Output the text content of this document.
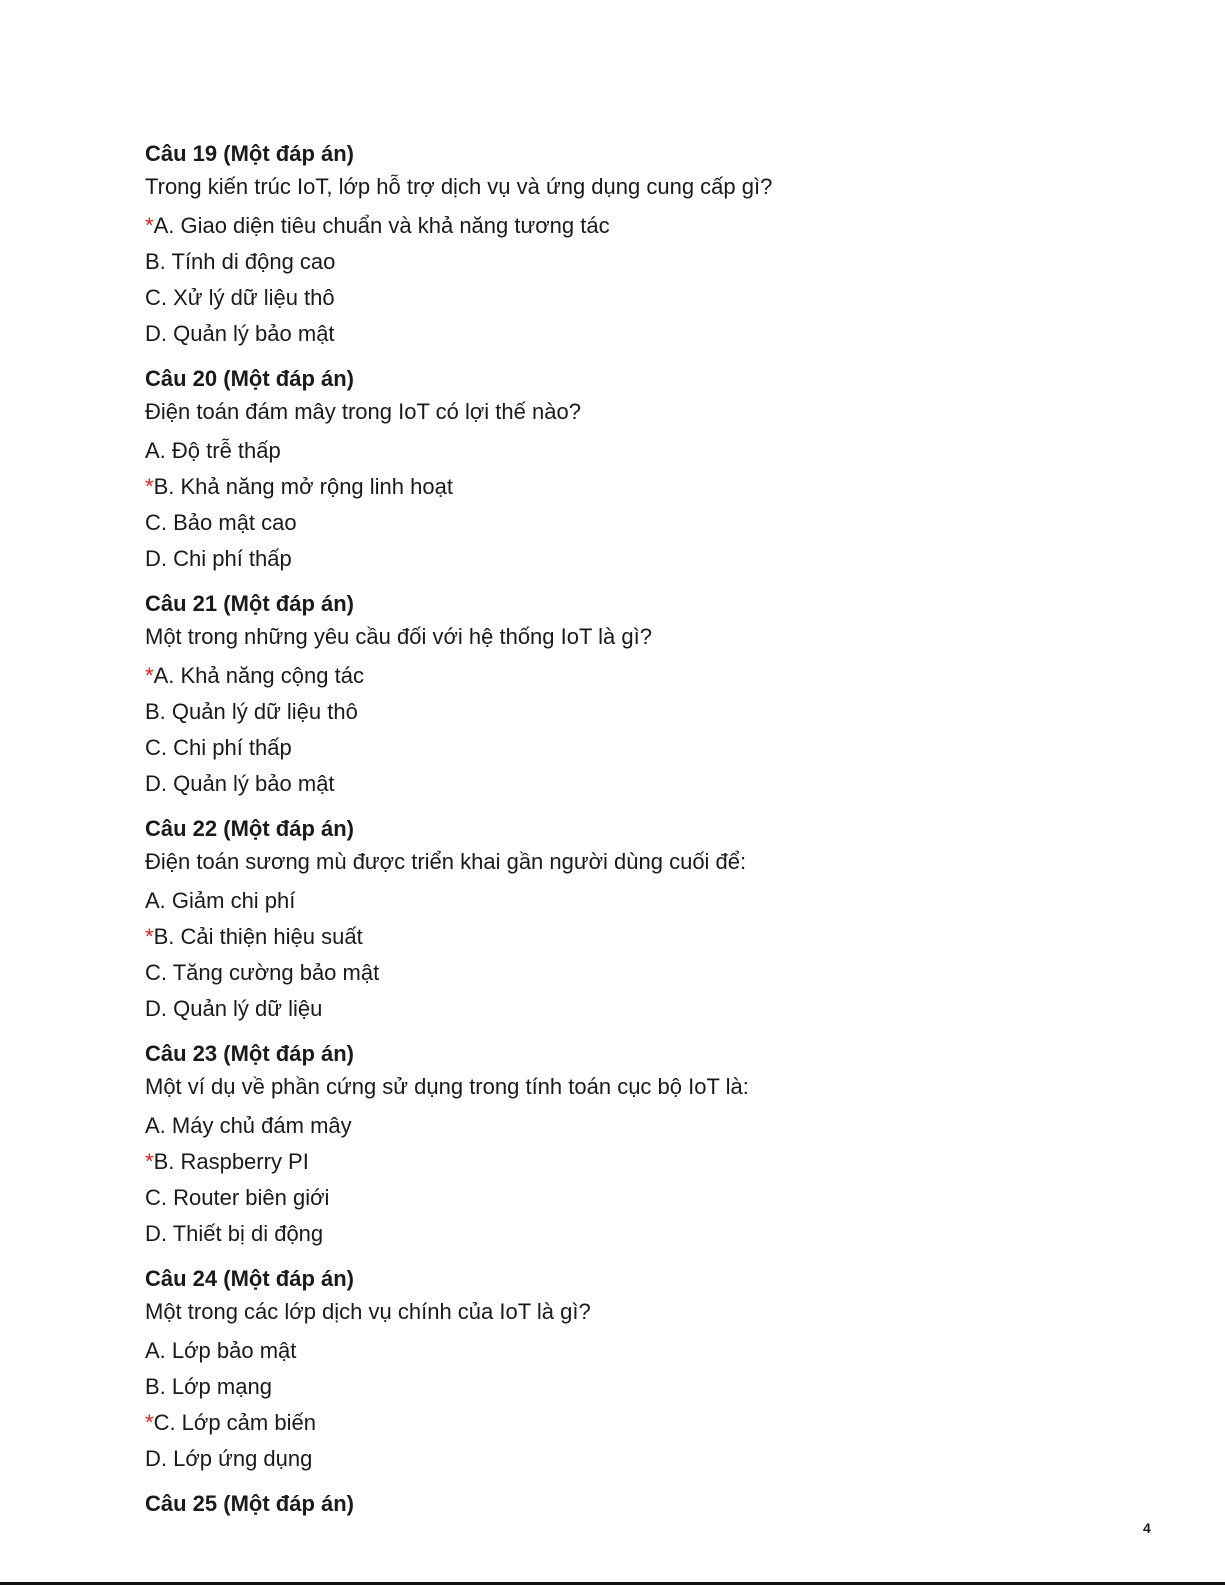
Câu 19 (Một đáp án)

Trong kiến trúc IoT, lớp hỗ trợ dịch vụ và ứng dụng cung cấp gì?

*A. Giao diện tiêu chuẩn và khả năng tương tác
B. Tính di động cao
C. Xử lý dữ liệu thô
D. Quản lý bảo mật

Câu 20 (Một đáp án)

Điện toán đám mây trong IoT có lợi thế nào?

A. Độ trễ thấp
*B. Khả năng mở rộng linh hoạt
C. Bảo mật cao
D. Chi phí thấp

Câu 21 (Một đáp án)

Một trong những yêu cầu đối với hệ thống IoT là gì?

*A. Khả năng cộng tác
B. Quản lý dữ liệu thô
C. Chi phí thấp
D. Quản lý bảo mật

Câu 22 (Một đáp án)

Điện toán sương mù được triển khai gần người dùng cuối để:

A. Giảm chi phí
*B. Cải thiện hiệu suất
C. Tăng cường bảo mật
D. Quản lý dữ liệu

Câu 23 (Một đáp án)

Một ví dụ về phần cứng sử dụng trong tính toán cục bộ IoT là:

A. Máy chủ đám mây
*B. Raspberry PI
C. Router biên giới
D. Thiết bị di động

Câu 24 (Một đáp án)

Một trong các lớp dịch vụ chính của IoT là gì?

A. Lớp bảo mật
B. Lớp mạng
*C. Lớp cảm biến
D. Lớp ứng dụng

Câu 25 (Một đáp án)

4
